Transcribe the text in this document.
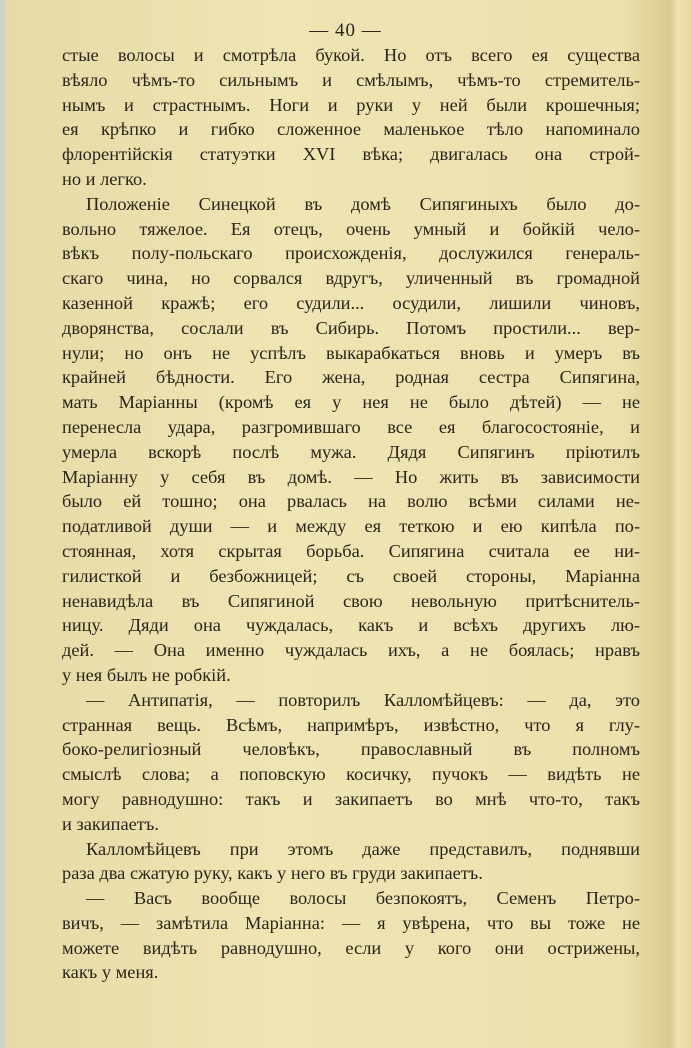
— 40 —
стые волосы и смотрѣла букой. Но отъ всего ея существа
вѣяло чѣмъ-то сильнымъ и смѣлымъ, чѣмъ-то стремитель-
нымъ и страстнымъ. Ноги и руки у ней были крошечныя;
ея крѣпко и гибко сложенное маленькое тѣло напоминало
флорентійскія статуэтки XVI вѣка; двигалась она строй-
но и легко.
Положеніе Синецкой въ домѣ Сипягиныхъ было до-
вольно тяжелое. Ея отецъ, очень умный и бойкій чело-
вѣкъ полу-польскаго происхожденія, дослужился генераль-
скаго чина, но сорвался вдругъ, уличенный въ громадной
казенной кражѣ; его судили... осудили, лишили чиновъ,
дворянства, сослали въ Сибирь. Потомъ простили... вер-
нули; но онъ не успѣлъ выкарабкаться вновь и умеръ въ
крайней бѣдности. Его жена, родная сестра Сипягина,
мать Маріанны (кромѣ ея у нея не было дѣтей) — не
перенесла удара, разгромившаго все ея благосостояніе, и
умерла вскорѣ послѣ мужа. Дядя Сипягинъ пріютилъ
Маріанну у себя въ домѣ. — Но жить въ зависимости
было ей тошно; она рвалась на волю всѣми силами не-
податливой души — и между ея теткою и ею кипѣла по-
стоянная, хотя скрытая борьба. Сипягина считала ее ни-
гилисткой и безбожницей; съ своей стороны, Маріанна
ненавидѣла въ Сипягиной свою невольную притѣснитель-
ницу. Дяди она чуждалась, какъ и всѣхъ другихъ лю-
дей. — Она именно чуждалась ихъ, а не боялась; нравъ
у нея былъ не робкій.
— Антипатія, — повторилъ Калломѣйцевъ: — да, это
странная вещь. Всѣмъ, напримѣръ, извѣстно, что я глу-
боко-религіозный человѣкъ, православный въ полномъ
смыслѣ слова; а поповскую косичку, пучокъ — видѣть не
могу равнодушно: такъ и закипаетъ во мнѣ что-то, такъ
и закипаетъ.
Калломѣйцевъ при этомъ даже представилъ, поднявши
раза два сжатую руку, какъ у него въ груди закипаетъ.
— Васъ вообще волосы безпокоятъ, Семенъ Петро-
вичъ, — замѣтила Маріанна: — я увѣрена, что вы тоже не
можете видѣть равнодушно, если у кого они острижены,
какъ у меня.
